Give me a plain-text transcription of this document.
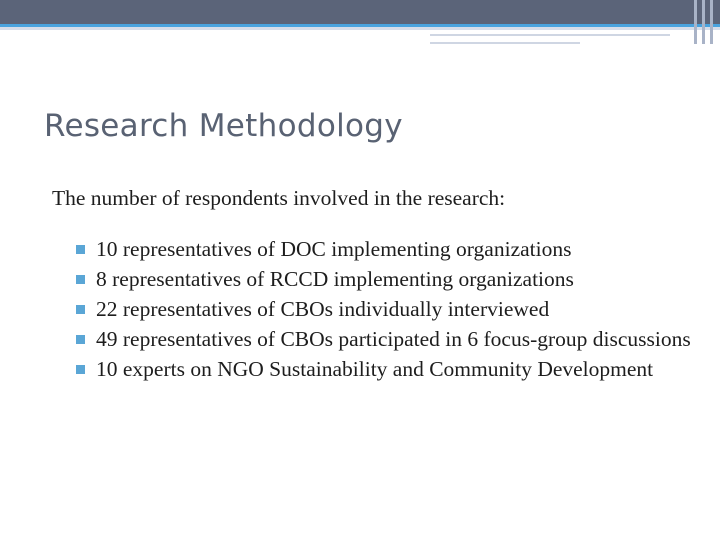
Research Methodology
The number of respondents involved in the research:
10 representatives of DOC implementing organizations
8 representatives of RCCD implementing organizations
22 representatives of CBOs individually interviewed
49 representatives of CBOs participated in 6 focus-group discussions
10 experts on NGO Sustainability and Community Development
